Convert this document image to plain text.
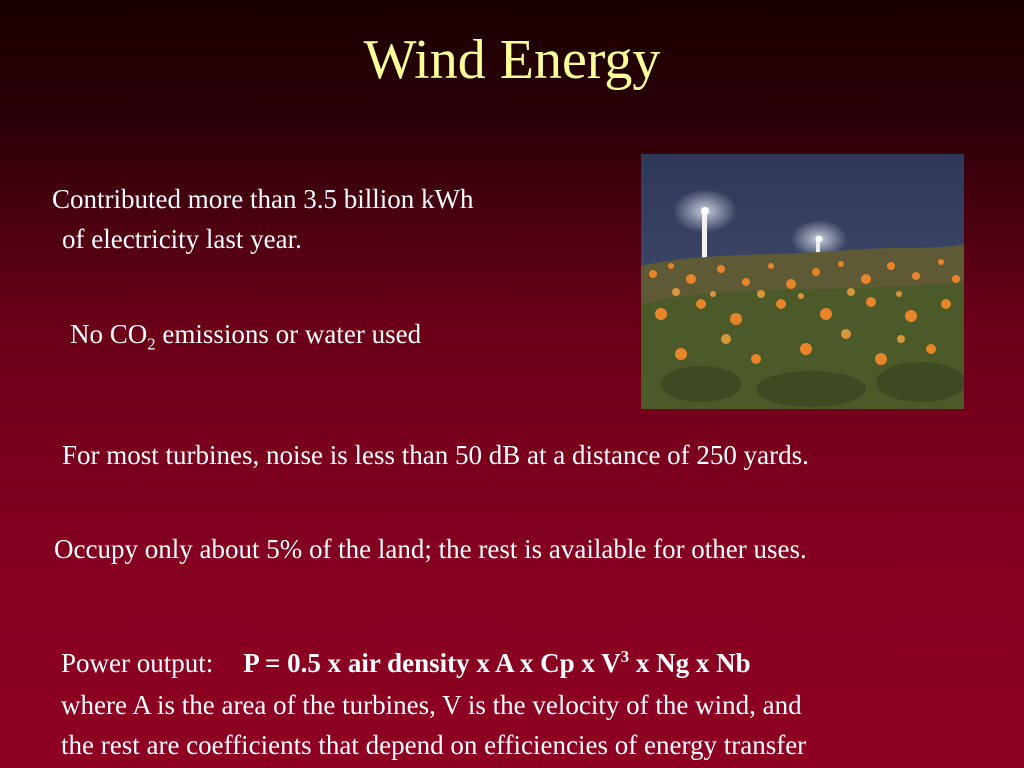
Wind Energy
Contributed more than 3.5 billion kWh
of electricity last year.
No $CO_2$ emissions or water used
For most turbines, noise is less than 50 dB at a distance of 250 yards.
Occupy only about 5% of the land; the rest is available for other uses.
Power output: P = 0.5 x air density x A x Cp x $V^3$ x Ng x Nb
where A is the area of the turbines, V is the velocity of the wind, and
the rest are coefficients that depend on efficiencies of energy transfer
